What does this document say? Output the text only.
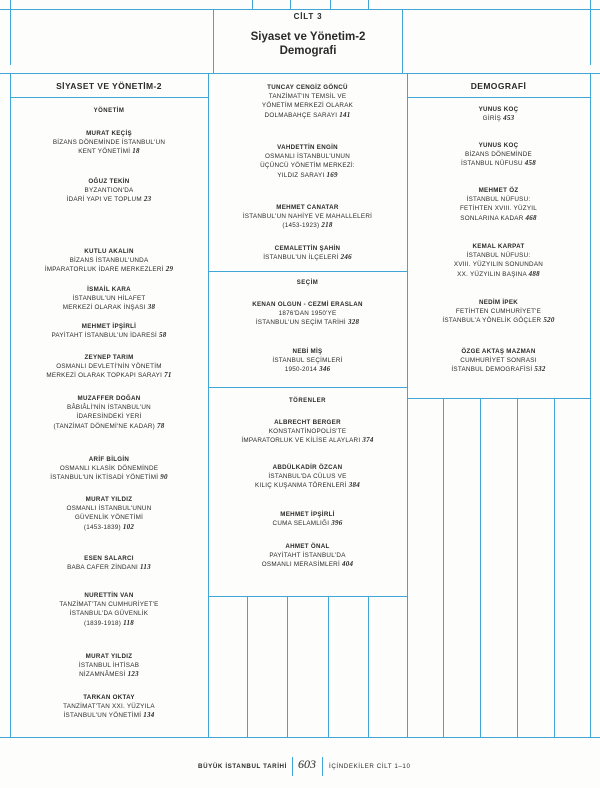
CİLT 3
Siyaset ve Yönetim-2
Demografi
SİYASET VE YÖNETİM-2	DEMOGRAFİ
YÖNETİM
MURAT KEÇİŞ
BİZANS DÖNEMİNDE İSTANBUL'UN
KENT YÖNETİMİ 18
OĞUZ TEKİN
BYZANTION'DA
İDARİ YAPI VE TOPLUM 23
KUTLU AKALIN
BİZANS İSTANBUL'UNDA
İMPARATORLUK İDARE MERKEZLERİ 29
İSMAİL KARA
İSTANBUL'UN HİLAFET
MERKEZİ OLARAK İNŞASI 38
MEHMET İPŞİRLİ
PAYİTAHT İSTANBUL'UN İDARESİ 58
ZEYNEP TARIM
OSMANLI DEVLETİ'NİN YÖNETİM
MERKEZİ OLARAK TOPKAPI SARAYI 71
MUZAFFER DOĞAN
BÂBIÂLİ'NİN İSTANBUL'UN
İDARESİNDEKİ YERİ
(TANZİMAT DÖNEMİ'NE KADAR) 78
ARİF BİLGİN
OSMANLI KLASİK DÖNEMİNDE
İSTANBUL'UN İKTİSADİ YÖNETİMİ 90
MURAT YILDIZ
OSMANLI İSTANBUL'UNUN
GÜVENLİK YÖNETİMİ
(1453-1839) 102
ESEN SALARCI
BABA CAFER ZİNDANI 113
NURETTİN VAN
TANZİMAT'TAN CUMHURİYET'E
İSTANBUL'DA GÜVENLİK
(1839-1918) 118
MURAT YILDIZ
İSTANBUL İHTİSAB
NİZAMNÂMESİ 123
TARKAN OKTAY
TANZİMAT'TAN XXI. YÜZYILA
İSTANBUL'UN YÖNETİMİ 134
TUNCAY CENGİZ GÖNCÜ
TANZİMAT'IN TEMSİL VE
YÖNETİM MERKEZİ OLARAK
DOLMABAHÇE SARAYI 141
VAHDETTİN ENGİN
OSMANLI İSTANBUL'UNUN
ÜÇÜNCÜ YÖNETİM MERKEZİ:
YILDIZ SARAYI 169
MEHMET CANATAR
İSTANBUL'UN NAHİYE VE MAHALLELERİ
(1453-1923) 218
CEMALETTİN ŞAHİN
İSTANBUL'UN İLÇELERİ 246
SEÇİM
KENAN OLGUN - CEZMİ ERASLAN
1876'DAN 1950'YE
İSTANBUL'UN SEÇİM TARİHİ 328
NEBİ MİŞ
İSTANBUL SEÇİMLERİ
1950-2014 346
TÖRENLER
ALBRECHT BERGER
KONSTANTİNOPOLİS'TE
İMPARATORLUK VE KİLİSE ALAYLARI 374
ABDÜLKADİR ÖZCAN
İSTANBUL'DA CÜLUS VE
KILIÇ KUŞANMA TÖRENLERİ 384
MEHMET İPŞİRLİ
CUMA SELAMLIĞI 396
AHMET ÖNAL
PAYİTAHT İSTANBUL'DA
OSMANLI MERASİMLERİ 404
YUNUS KOÇ
GİRİŞ 453
YUNUS KOÇ
BİZANS DÖNEMİNDE
İSTANBUL NÜFUSU 458
MEHMET ÖZ
İSTANBUL NÜFUSU:
FETİHTEN XVIII. YÜZYIL
SONLARINA KADAR 468
KEMAL KARPAT
İSTANBUL NÜFUSU:
XVIII. YÜZYILIN SONUNDAN
XX. YÜZYILIN BAŞINA 488
NEDİM İPEK
FETİHTEN CUMHURİYET'E
İSTANBUL'A YÖNELİK GÖÇLER 520
ÖZGE AKTAŞ MAZMAN
CUMHURİYET SONRASI
İSTANBUL DEMOGRAFİSİ 532
BÜYÜK İSTANBUL TARİHİ 603 İÇİNDEKİLER CİLT 1–10
